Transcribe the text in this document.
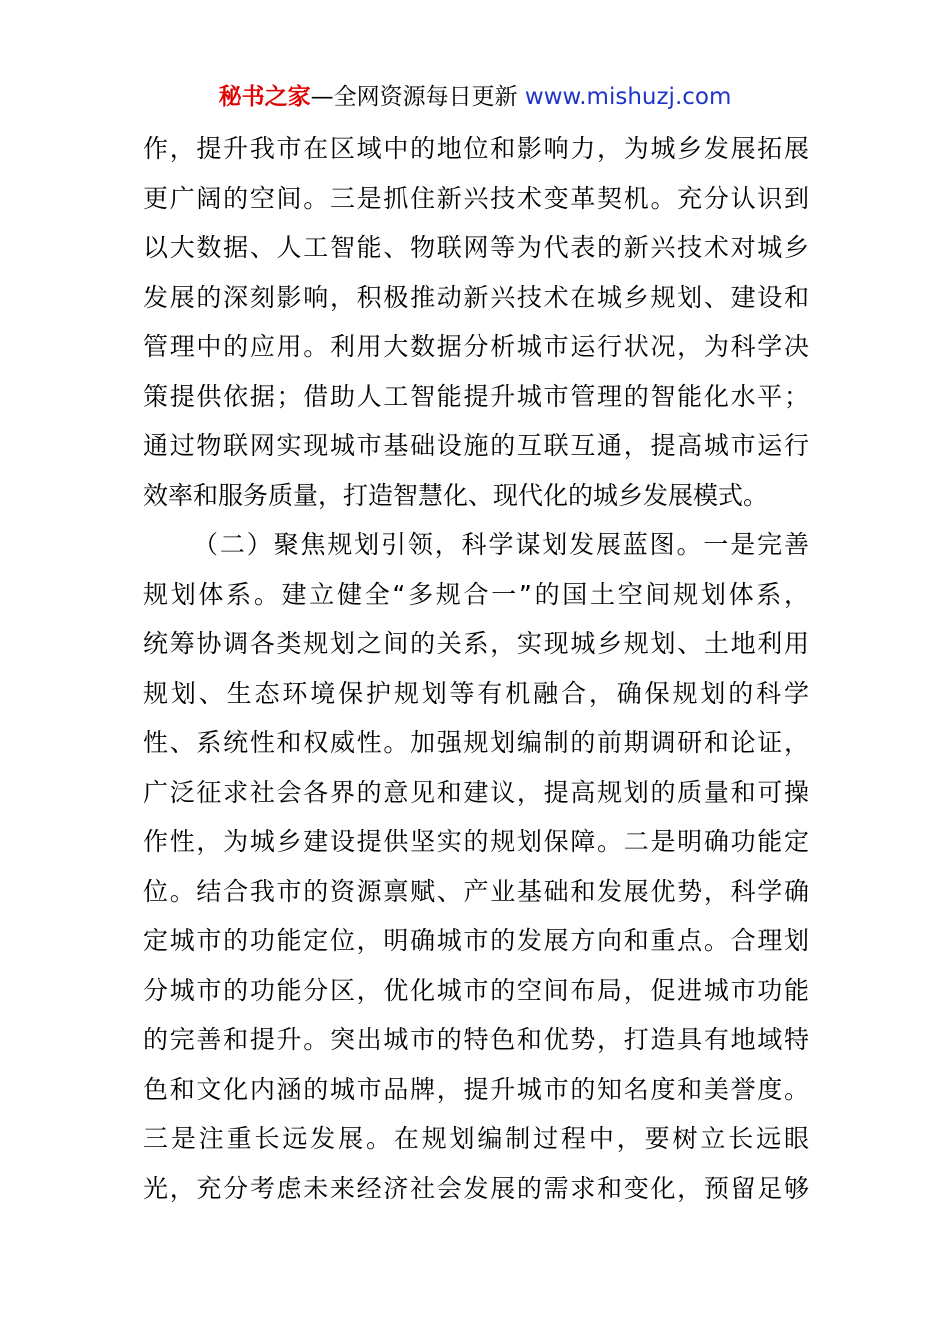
秘书之家—全网资源每日更新 www.mishuzj.com
作，提升我市在区域中的地位和影响力，为城乡发展拓展
更广阔的空间。三是抓住新兴技术变革契机。充分认识到
以大数据、人工智能、物联网等为代表的新兴技术对城乡
发展的深刻影响，积极推动新兴技术在城乡规划、建设和
管理中的应用。利用大数据分析城市运行状况，为科学决
策提供依据；借助人工智能提升城市管理的智能化水平；
通过物联网实现城市基础设施的互联互通，提高城市运行
效率和服务质量，打造智慧化、现代化的城乡发展模式。
（二）聚焦规划引领，科学谋划发展蓝图。一是完善
规划体系。建立健全“多规合一”的国土空间规划体系，
统筹协调各类规划之间的关系，实现城乡规划、土地利用
规划、生态环境保护规划等有机融合，确保规划的科学
性、系统性和权威性。加强规划编制的前期调研和论证，
广泛征求社会各界的意见和建议，提高规划的质量和可操
作性，为城乡建设提供坚实的规划保障。二是明确功能定
位。结合我市的资源禀赋、产业基础和发展优势，科学确
定城市的功能定位，明确城市的发展方向和重点。合理划
分城市的功能分区，优化城市的空间布局，促进城市功能
的完善和提升。突出城市的特色和优势，打造具有地域特
色和文化内涵的城市品牌，提升城市的知名度和美誉度。
三是注重长远发展。在规划编制过程中，要树立长远眼
光，充分考虑未来经济社会发展的需求和变化，预留足够
